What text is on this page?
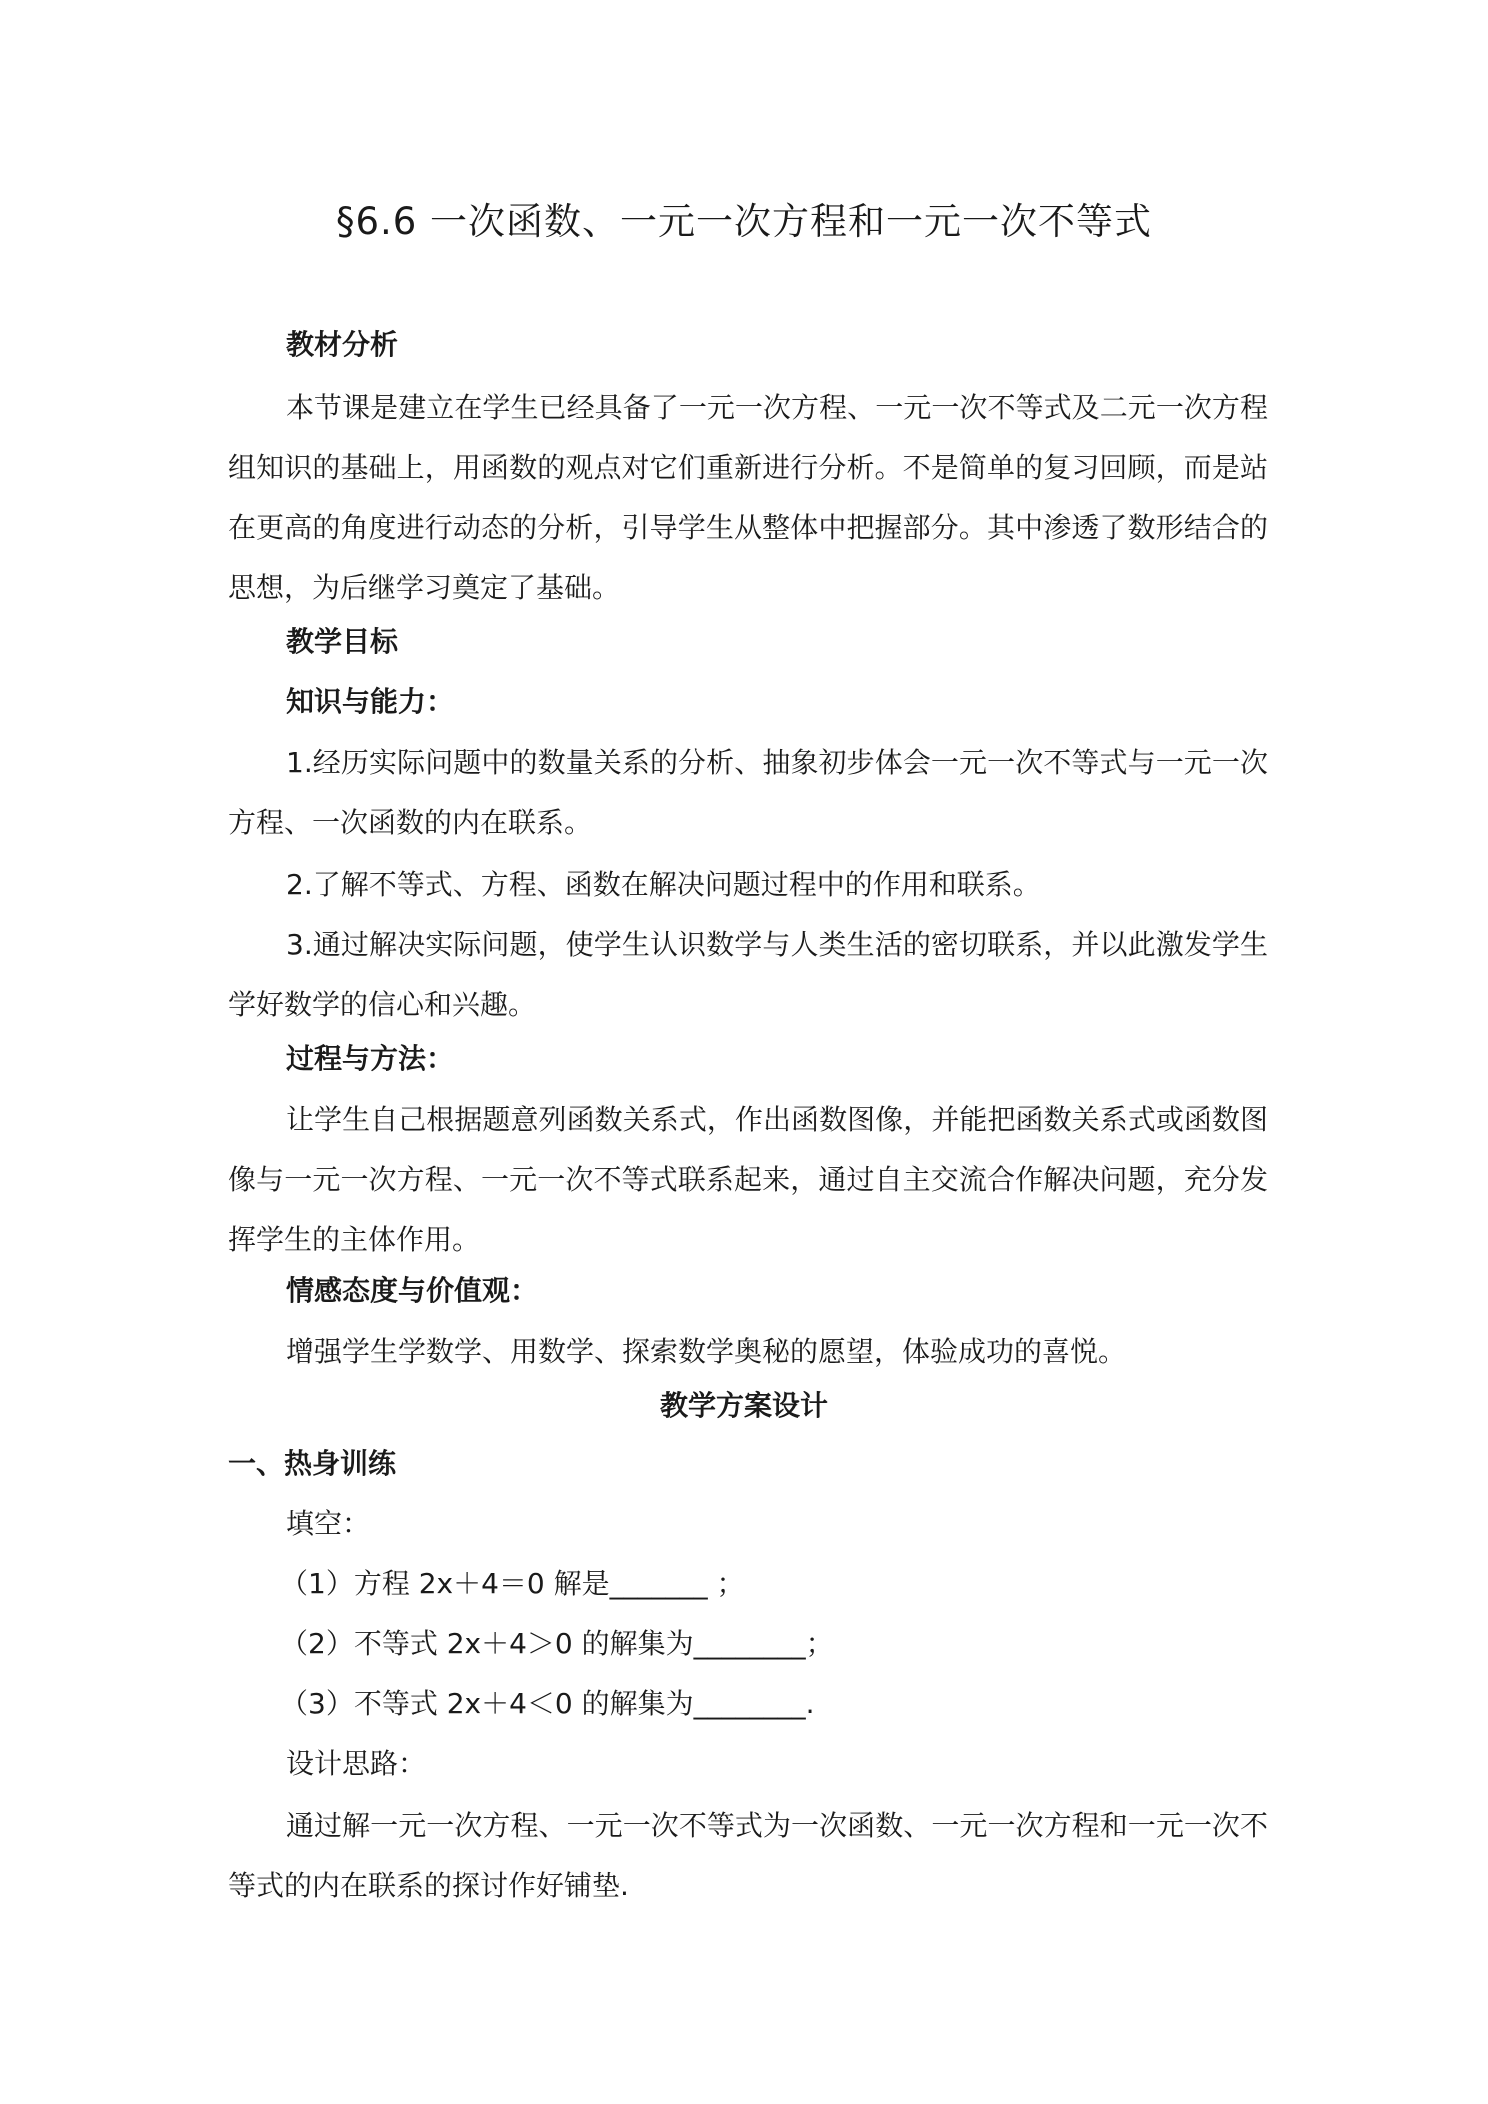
§6.6 一次函数、一元一次方程和一元一次不等式
教材分析
本节课是建立在学生已经具备了一元一次方程、一元一次不等式及二元一次方程组知识的基础上，用函数的观点对它们重新进行分析。不是简单的复习回顾，而是站在更高的角度进行动态的分析，引导学生从整体中把握部分。其中渗透了数形结合的思想，为后继学习奠定了基础。
教学目标
知识与能力：
1.经历实际问题中的数量关系的分析、抽象初步体会一元一次不等式与一元一次方程、一次函数的内在联系。
2.了解不等式、方程、函数在解决问题过程中的作用和联系。
3.通过解决实际问题，使学生认识数学与人类生活的密切联系，并以此激发学生学好数学的信心和兴趣。
过程与方法：
让学生自己根据题意列函数关系式，作出函数图像，并能把函数关系式或函数图像与一元一次方程、一元一次不等式联系起来，通过自主交流合作解决问题，充分发挥学生的主体作用。
情感态度与价值观：
增强学生学数学、用数学、探索数学奥秘的愿望，体验成功的喜悦。
教学方案设计
一、热身训练
填空：
（1）方程 2x＋4＝0 解是_______ ；
（2）不等式 2x＋4＞0 的解集为________；
（3）不等式 2x＋4＜0 的解集为________.
设计思路：
通过解一元一次方程、一元一次不等式为一次函数、一元一次方程和一元一次不等式的内在联系的探讨作好铺垫.
